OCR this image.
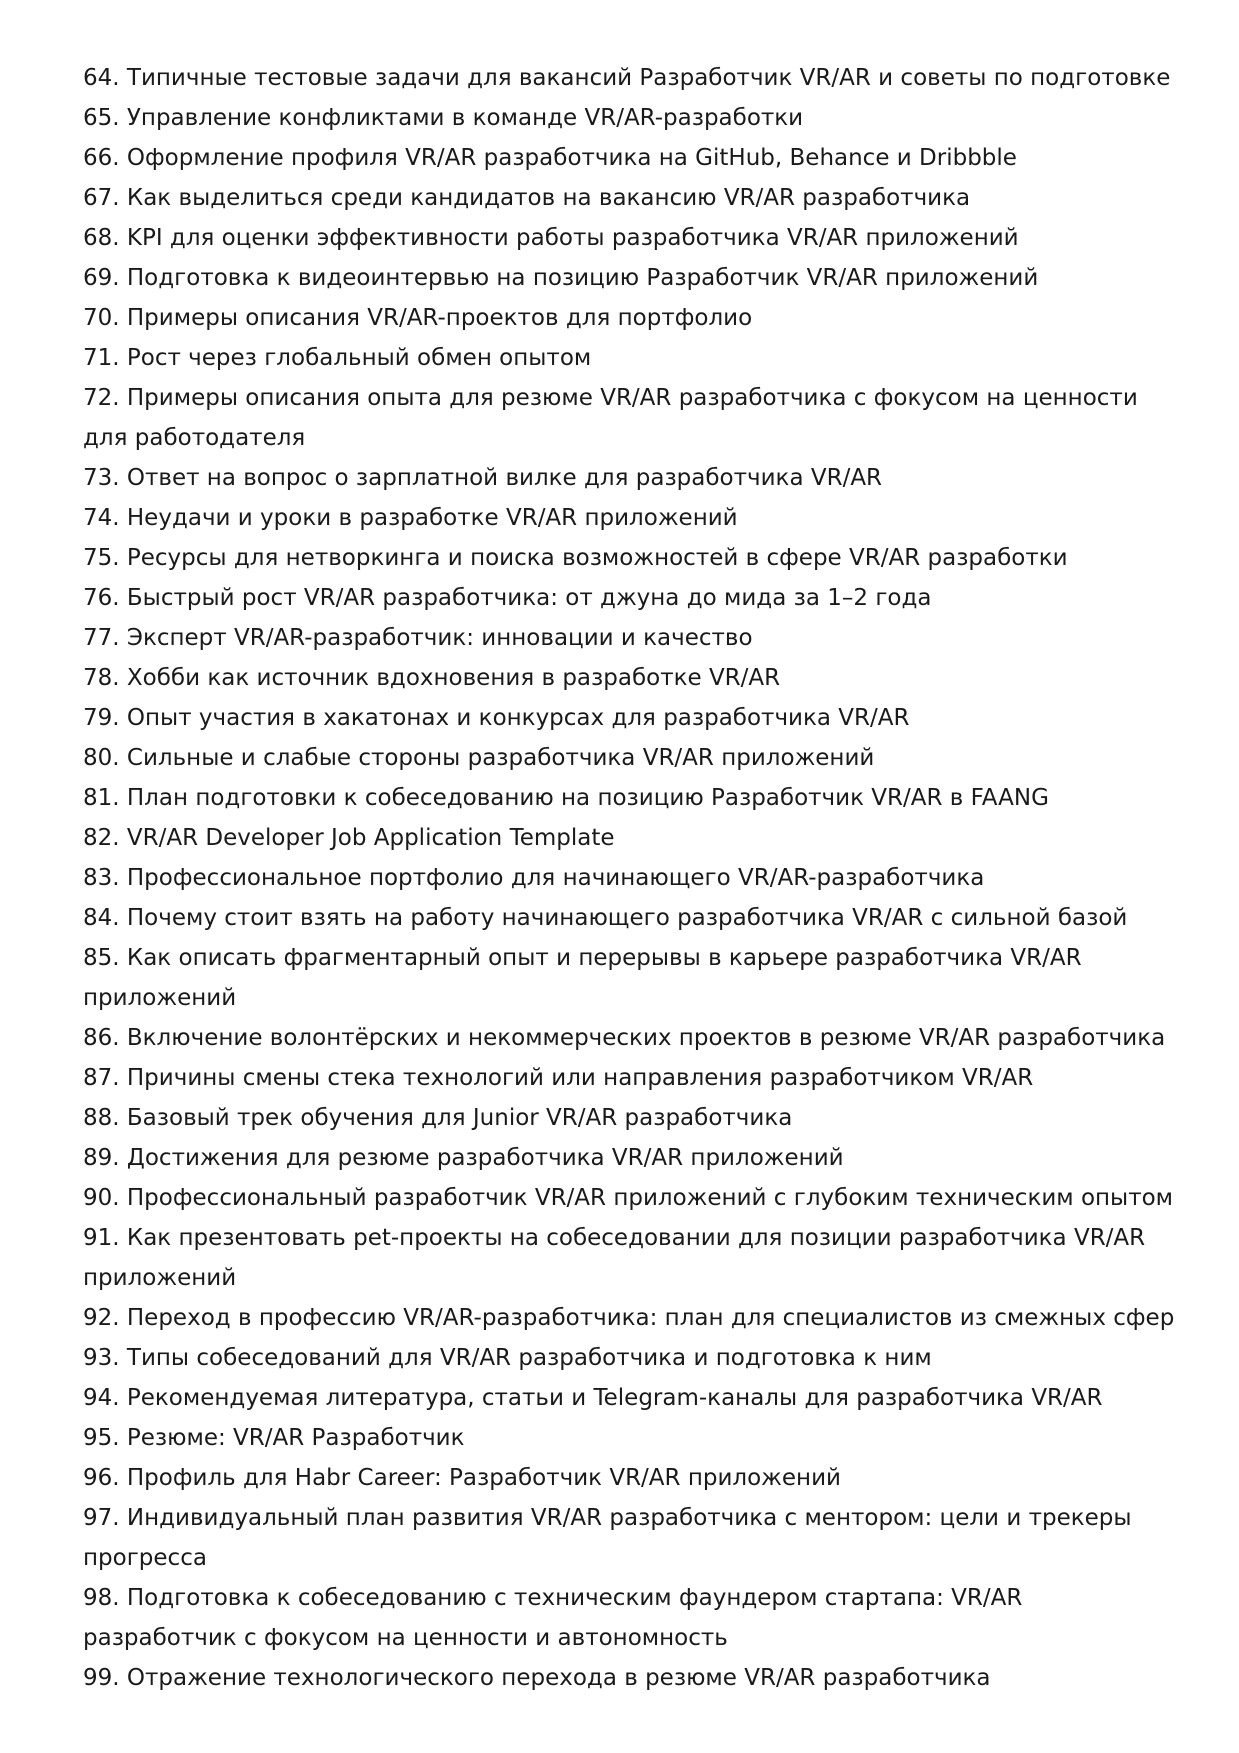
64. Типичные тестовые задачи для вакансий Разработчик VR/AR и советы по подготовке
65. Управление конфликтами в команде VR/AR-разработки
66. Оформление профиля VR/AR разработчика на GitHub, Behance и Dribbble
67. Как выделиться среди кандидатов на вакансию VR/AR разработчика
68. KPI для оценки эффективности работы разработчика VR/AR приложений
69. Подготовка к видеоинтервью на позицию Разработчик VR/AR приложений
70. Примеры описания VR/AR-проектов для портфолио
71. Рост через глобальный обмен опытом
72. Примеры описания опыта для резюме VR/AR разработчика с фокусом на ценности для работодателя
73. Ответ на вопрос о зарплатной вилке для разработчика VR/AR
74. Неудачи и уроки в разработке VR/AR приложений
75. Ресурсы для нетворкинга и поиска возможностей в сфере VR/AR разработки
76. Быстрый рост VR/AR разработчика: от джуна до мида за 1–2 года
77. Эксперт VR/AR-разработчик: инновации и качество
78. Хобби как источник вдохновения в разработке VR/AR
79. Опыт участия в хакатонах и конкурсах для разработчика VR/AR
80. Сильные и слабые стороны разработчика VR/AR приложений
81. План подготовки к собеседованию на позицию Разработчик VR/AR в FAANG
82. VR/AR Developer Job Application Template
83. Профессиональное портфолио для начинающего VR/AR-разработчика
84. Почему стоит взять на работу начинающего разработчика VR/AR с сильной базой
85. Как описать фрагментарный опыт и перерывы в карьере разработчика VR/AR приложений
86. Включение волонтёрских и некоммерческих проектов в резюме VR/AR разработчика
87. Причины смены стека технологий или направления разработчиком VR/AR
88. Базовый трек обучения для Junior VR/AR разработчика
89. Достижения для резюме разработчика VR/AR приложений
90. Профессиональный разработчик VR/AR приложений с глубоким техническим опытом
91. Как презентовать pet-проекты на собеседовании для позиции разработчика VR/AR приложений
92. Переход в профессию VR/AR-разработчика: план для специалистов из смежных сфер
93. Типы собеседований для VR/AR разработчика и подготовка к ним
94. Рекомендуемая литература, статьи и Telegram-каналы для разработчика VR/AR
95. Резюме: VR/AR Разработчик
96. Профиль для Habr Career: Разработчик VR/AR приложений
97. Индивидуальный план развития VR/AR разработчика с ментором: цели и трекеры прогресса
98. Подготовка к собеседованию с техническим фаундером стартапа: VR/AR разработчик с фокусом на ценности и автономность
99. Отражение технологического перехода в резюме VR/AR разработчика
